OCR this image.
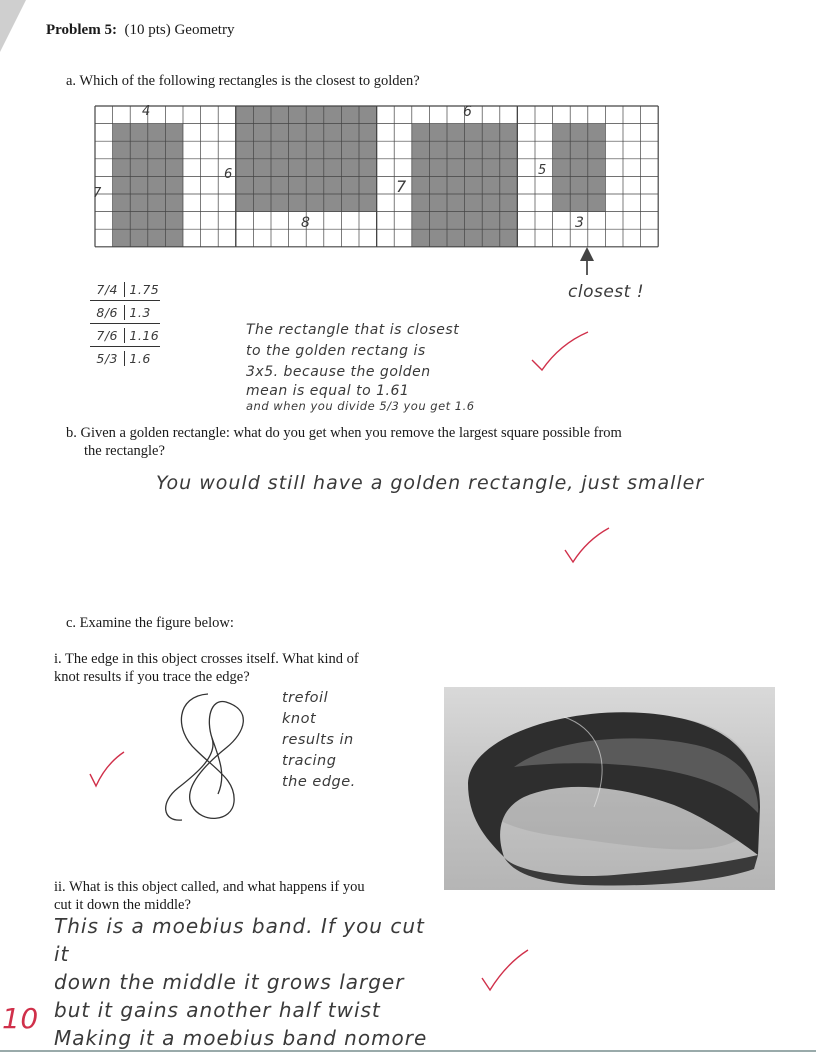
Problem 5: (10 pts) Geometry
a. Which of the following rectangles is the closest to golden?
4
7
6
8
6
7
5
3
closest !
7/4 1.75
8/6 1.3
7/6 1.16
5/3 1.6
The rectangle that is closest
to the golden rectang is
3x5. because the golden
mean is equal to 1.61
and when you divide 5/3 you get 1.6
b. Given a golden rectangle: what do you get when you remove the largest square possible from
the rectangle?
You would still have a golden rectangle, just smaller
c. Examine the figure below:
i. The edge in this object crosses itself. What kind of
knot results if you trace the edge?
trefoil
knot
results in
tracing
the edge.
ii. What is this object called, and what happens if you
cut it down the middle?
This is a moebius band. If you cut it
down the middle it grows larger
but it gains another half twist
Making it a moebius band nomore
10
